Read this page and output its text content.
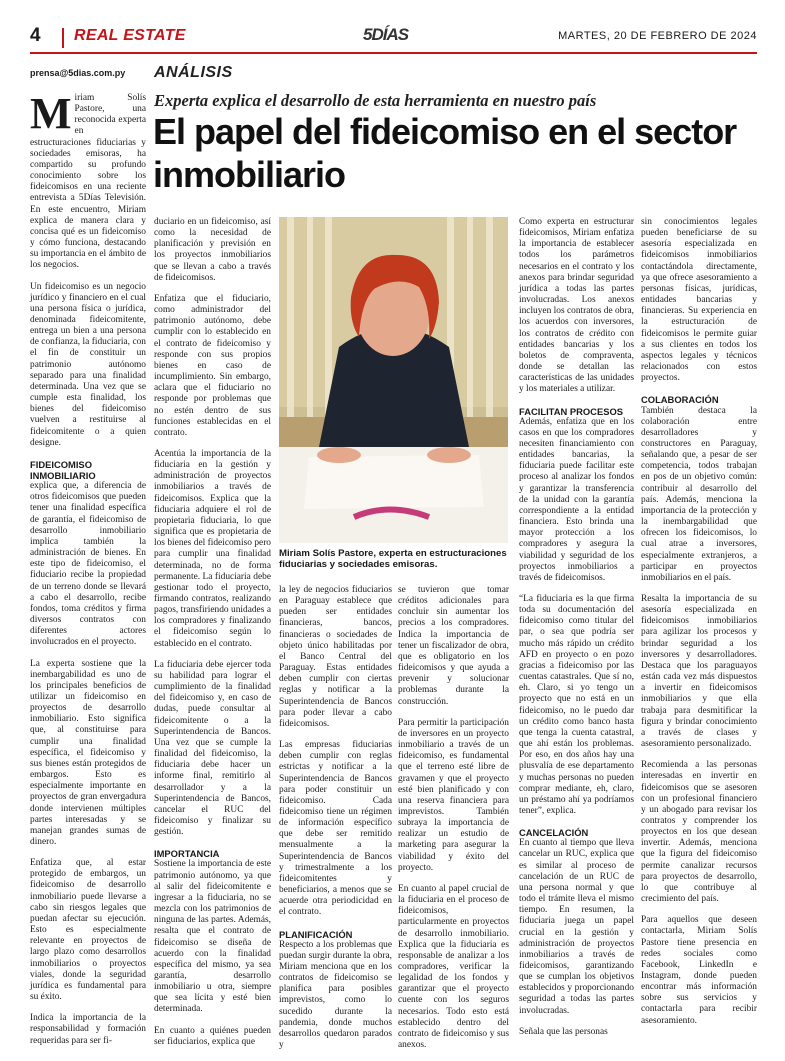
4 REAL ESTATE	5DÍAS	MARTES, 20 DE FEBRERO DE 2024
prensa@5dias.com.py ANÁLISIS
Experta explica el desarrollo de esta herramienta en nuestro país
El papel del fideicomiso en el sector inmobiliario

Miriam Solís Pastore, una reconocida experta en estructuraciones fiduciarias y sociedades emisoras, ha compartido su profundo conocimiento sobre los fideicomisos en una reciente entrevista a 5Días Televisión. En este encuentro, Miriam explica de manera clara y concisa qué es un fideicomiso y cómo funciona, destacando su importancia en el ámbito de los negocios.

Un fideicomiso es un negocio jurídico y financiero en el cual una persona física o jurídica, denominada fideicomitente, entrega un bien a una persona de confianza, la fiduciaria, con el fin de constituir un patrimonio autónomo separado para una finalidad determinada. Una vez que se cumple esta finalidad, los bienes del fideicomiso vuelven a restituirse al fideicomitente o a quien designe.

FIDEICOMISO INMOBILIARIO

explica que, a diferencia de otros fideicomisos que pueden tener una finalidad específica de garantía, el fideicomiso de desarrollo inmobiliario implica también la administración de bienes. En este tipo de fideicomiso, el fiduciario recibe la propiedad de un terreno donde se llevará a cabo el desarrollo, recibe fondos, toma créditos y firma diversos contratos con diferentes actores involucrados en el proyecto.

La experta sostiene que la inembargabilidad es uno de los principales beneficios de utilizar un fideicomiso en proyectos de desarrollo inmobiliario. Esto significa que, al constituirse para cumplir una finalidad específica, el fideicomiso y sus bienes están protegidos de embargos. Esto es especialmente importante en proyectos de gran envergadura donde intervienen múltiples partes interesadas y se manejan grandes sumas de dinero.

Enfatiza que, al estar protegido de embargos, un fideicomiso de desarrollo inmobiliario puede llevarse a cabo sin riesgos legales que puedan afectar su ejecución. Esto es especialmente relevante en proyectos de largo plazo como desarrollos inmobiliarios o proyectos viales, donde la seguridad jurídica es fundamental para su éxito.

Indica la importancia de la responsabilidad y formación requeridas para ser fi-

Miriam Solís Pastore, experta en estructuraciones fiduciarias y sociedades emisoras.

duciario en un fideicomiso, así como la necesidad de planificación y previsión en los proyectos inmobiliarios que se llevan a cabo a través de fideicomisos.

Enfatiza que el fiduciario, como administrador del patrimonio autónomo, debe cumplir con lo establecido en el contrato de fideicomiso y responde con sus propios bienes en caso de incumplimiento. Sin embargo, aclara que el fiduciario no responde por problemas que no estén dentro de sus funciones establecidas en el contrato.

Acentúa la importancia de la fiduciaria en la gestión y administración de proyectos inmobiliarios a través de fideicomisos. Explica que la fiduciaria adquiere el rol de propietaria fiduciaria, lo que significa que es propietaria de los bienes del fideicomiso pero para cumplir una finalidad determinada, no de forma permanente. La fiduciaria debe gestionar todo el proyecto, firmando contratos, realizando pagos, transfiriendo unidades a los compradores y finalizando el fideicomiso según lo establecido en el contrato.

La fiduciaria debe ejercer toda su habilidad para lograr el cumplimiento de la finalidad del fideicomiso y, en caso de dudas, puede consultar al fideicomitente o a la Superintendencia de Bancos. Una vez que se cumple la finalidad del fideicomiso, la fiduciaria debe hacer un informe final, remitirlo al desarrollador y a la Superintendencia de Bancos, cancelar el RUC del fideicomiso y finalizar su gestión.

IMPORTANCIA

Sostiene la importancia de este patrimonio autónomo, ya que al salir del fideicomitente e ingresar a la fiduciaria, no se mezcla con los patrimonios de ninguna de las partes. Además, resalta que el contrato de fideicomiso se diseña de acuerdo con la finalidad específica del mismo, ya sea garantía, desarrollo inmobiliario u otra, siempre que sea lícita y esté bien determinada.

En cuanto a quiénes pueden ser fiduciarios, explica que

la ley de negocios fiduciarios en Paraguay establece que pueden ser entidades financieras, bancos, financieras o sociedades de objeto único habilitadas por el Banco Central del Paraguay. Estas entidades deben cumplir con ciertas reglas y notificar a la Superintendencia de Bancos para poder llevar a cabo fideicomisos.

Las empresas fiduciarias deben cumplir con reglas estrictas y notificar a la Superintendencia de Bancos para poder constituir un fideicomiso. Cada fideicomiso tiene un régimen de información específico que debe ser remitido mensualmente a la Superintendencia de Bancos y trimestralmente a los fideicomitentes y beneficiarios, a menos que se acuerde otra periodicidad en el contrato.

PLANIFICACIÓN

Respecto a los problemas que puedan surgir durante la obra, Miriam menciona que en los contratos de fideicomiso se planifica para posibles imprevistos, como lo sucedido durante la pandemia, donde muchos desarrollos quedaron parados y

se tuvieron que tomar créditos adicionales para concluir sin aumentar los precios a los compradores. Indica la importancia de tener un fiscalizador de obra, que es obligatorio en los fideicomisos y que ayuda a prevenir y solucionar problemas durante la construcción.

Para permitir la participación de inversores en un proyecto inmobiliario a través de un fideicomiso, es fundamental que el terreno esté libre de gravamen y que el proyecto esté bien planificado y con una reserva financiera para imprevistos. También subraya la importancia de realizar un estudio de marketing para asegurar la viabilidad y éxito del proyecto.

En cuanto al papel crucial de la fiduciaria en el proceso de fideicomisos, particularmente en proyectos de desarrollo inmobiliario. Explica que la fiduciaria es responsable de analizar a los compradores, verificar la legalidad de los fondos y garantizar que el proyecto cuente con los seguros necesarios. Todo esto está establecido dentro del contrato de fideicomiso y sus anexos.

Como experta en estructurar fideicomisos, Miriam enfatiza la importancia de establecer todos los parámetros necesarios en el contrato y los anexos para brindar seguridad jurídica a todas las partes involucradas. Los anexos incluyen los contratos de obra, los acuerdos con inversores, los contratos de crédito con entidades bancarias y los boletos de compraventa, donde se detallan las características de las unidades y los materiales a utilizar.

FACILITAN PROCESOS

Además, enfatiza que en los casos en que los compradores necesiten financiamiento con entidades bancarias, la fiduciaria puede facilitar este proceso al analizar los fondos y garantizar la transferencia de la unidad con la garantía correspondiente a la entidad financiera. Esto brinda una mayor protección a los compradores y asegura la viabilidad y seguridad de los proyectos inmobiliarios a través de fideicomisos.

“La fiduciaria es la que firma toda su documentación del fideicomiso como titular del par, o sea que podría ser mucho más rápido un crédito AFD en proyecto o en pozo gracias a fideicomiso por las cuentas catastrales. Que sí no, eh. Claro, si yo tengo un proyecto que no está en un fideicomiso, no le puedo dar un crédito como banco hasta que tenga la cuenta catastral, que ahí están los problemas. Por eso, en dos años hay una plusvalía de ese departamento y muchas personas no pueden comprar mediante, eh, claro, un préstamo ahí ya podríamos tener”, explica.

CANCELACIÓN

En cuanto al tiempo que lleva cancelar un RUC, explica que es similar al proceso de cancelación de un RUC de una persona normal y que todo el trámite lleva el mismo tiempo. En resumen, la fiduciaria juega un papel crucial en la gestión y administración de proyectos inmobiliarios a través de fideicomisos, garantizando que se cumplan los objetivos establecidos y proporcionando seguridad a todas las partes involucradas.

Señala que las personas

sin conocimientos legales pueden beneficiarse de su asesoría especializada en fideicomisos inmobiliarios contactándola directamente, ya que ofrece asesoramiento a personas físicas, jurídicas, entidades bancarias y financieras. Su experiencia en la estructuración de fideicomisos le permite guiar a sus clientes en todos los aspectos legales y técnicos relacionados con estos proyectos.

COLABORACIÓN

También destaca la colaboración entre desarrolladores y constructores en Paraguay, señalando que, a pesar de ser competencia, todos trabajan en pos de un objetivo común: contribuir al desarrollo del país. Además, menciona la importancia de la protección y la inembargabilidad que ofrecen los fideicomisos, lo cual atrae a inversores, especialmente extranjeros, a participar en proyectos inmobiliarios en el país.

Resalta la importancia de su asesoría especializada en fideicomisos inmobiliarios para agilizar los procesos y brindar seguridad a los inversores y desarrolladores. Destaca que los paraguayos están cada vez más dispuestos a invertir en fideicomisos inmobiliarios y que ella trabaja para desmitificar la figura y brindar conocimiento a través de clases y asesoramiento personalizado.

Recomienda a las personas interesadas en invertir en fideicomisos que se asesoren con un profesional financiero y un abogado para revisar los contratos y comprender los proyectos en los que desean invertir. Además, menciona que la figura del fideicomiso permite canalizar recursos para proyectos de desarrollo, lo que contribuye al crecimiento del país.

Para aquellos que deseen contactarla, Miriam Solís Pastore tiene presencia en redes sociales como Facebook, LinkedIn e Instagram, donde pueden encontrar más información sobre sus servicios y contactarla para recibir asesoramiento.
